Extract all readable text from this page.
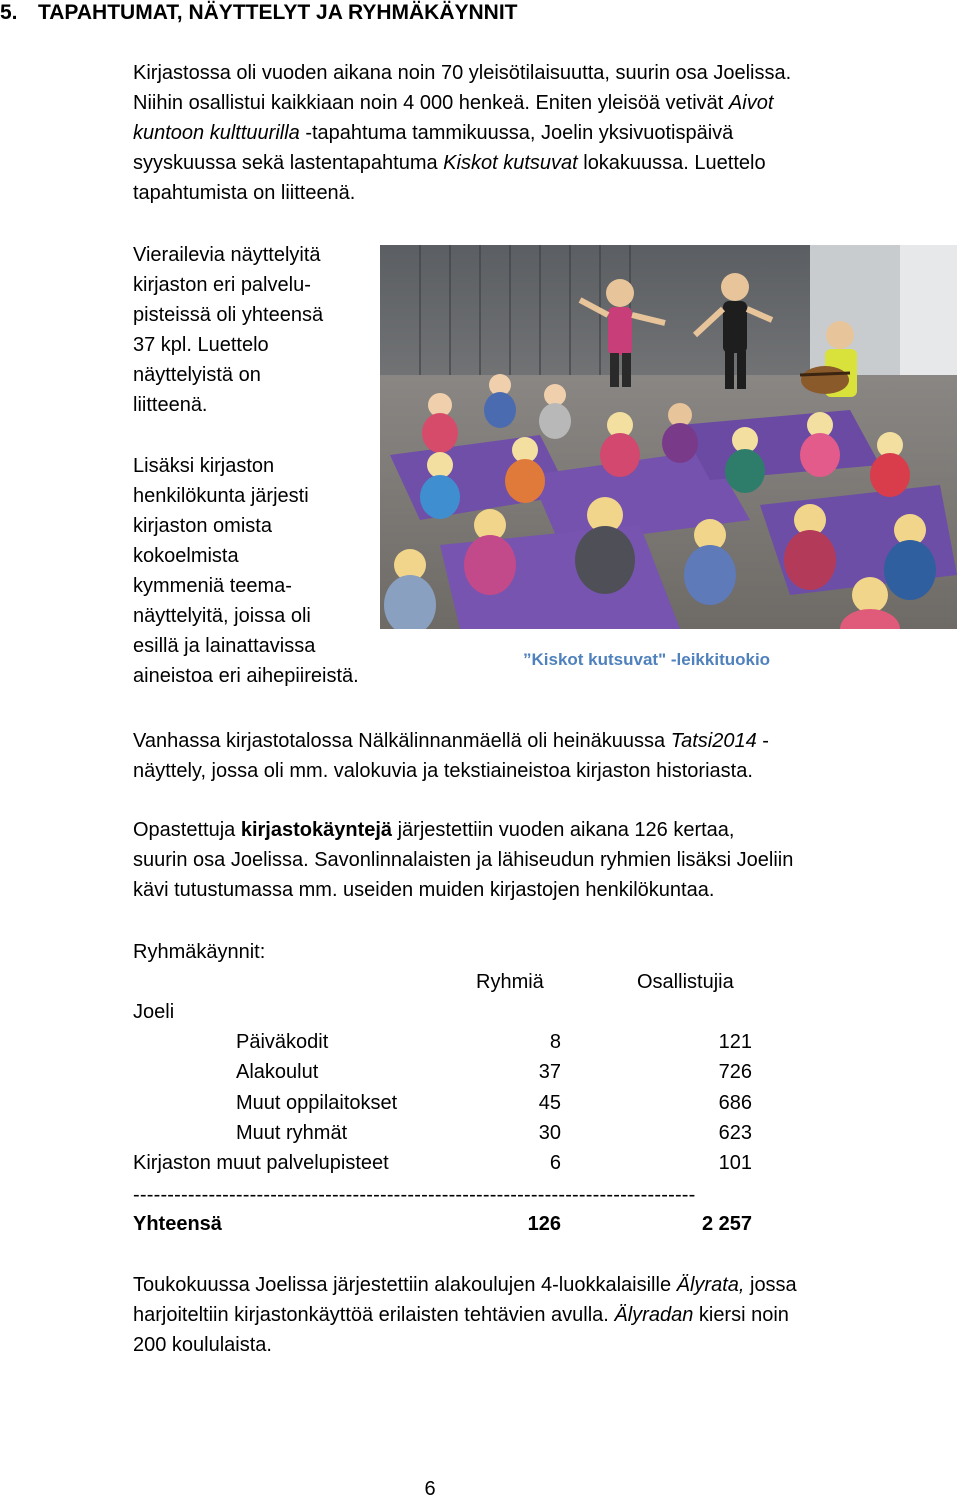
5. TAPAHTUMAT, NÄYTTELYT JA RYHMÄKÄYNNIT
Kirjastossa oli vuoden aikana noin 70 yleisötilaisuutta, suurin osa Joelissa.
Niihin osallistui kaikkiaan noin 4 000 henkeä. Eniten yleisöä vetivät Aivot
kuntoon kulttuurilla -tapahtuma tammikuussa, Joelin yksivuotispäivä
syyskuussa sekä lastentapahtuma Kiskot kutsuvat lokakuussa. Luettelo
tapahtumista on liitteenä.
Vierailevia näyttelyitä
kirjaston eri palvelu-
pisteissä oli yhteensä
37 kpl. Luettelo
näyttelyistä on
liitteenä.
Lisäksi kirjaston
henkilökunta järjesti
kirjaston omista
kokoelmista
kymmeniä teema-
näyttelyitä, joissa oli
esillä ja lainattavissa
aineistoa eri aihepiireistä.
”Kiskot kutsuvat" -leikkituokio
Vanhassa kirjastotalossa Nälkälinnanmäellä oli heinäkuussa Tatsi2014 -
näyttely, jossa oli mm. valokuvia ja tekstiaineistoa kirjaston historiasta.
Opastettuja kirjastokäyntejä järjestettiin vuoden aikana 126 kertaa,
suurin osa Joelissa. Savonlinnalaisten ja lähiseudun ryhmien lisäksi Joeliin
kävi tutustumassa mm. useiden muiden kirjastojen henkilökuntaa.
Ryhmäkäynnit:
Ryhmiä	Osallistujia
Joeli
Päiväkodit	8	121
Alakoulut	37	726
Muut oppilaitokset	45	686
Muut ryhmät	30	623
Kirjaston muut palvelupisteet	6	101
----------------------------------------------------------------------------------
Yhteensä	126	2 257
Toukokuussa Joelissa järjestettiin alakoulujen 4-luokkalaisille Älyrata, jossa
harjoiteltiin kirjastonkäyttöä erilaisten tehtävien avulla. Älyradan kiersi noin
200 koululaista.
6
